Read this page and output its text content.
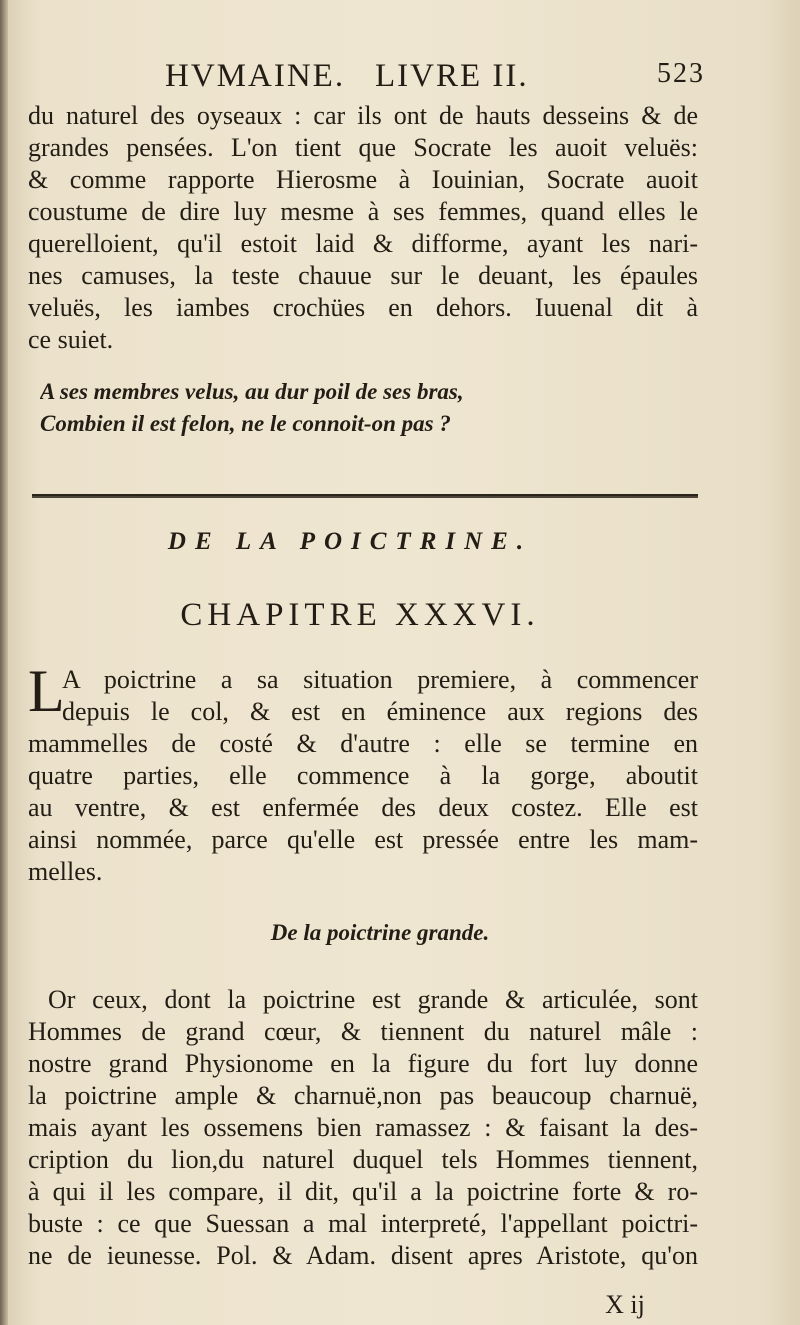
HVMAINE. LIVRE II.	523
du naturel des oyseaux : car ils ont de hauts desseins & de
grandes pensées. L'on tient que Socrate les auoit veluës:
& comme rapporte Hierosme à Iouinian, Socrate auoit
coustume de dire luy mesme à ses femmes, quand elles le
querelloient, qu'il estoit laid & difforme, ayant les nari-
nes camuses, la teste chauue sur le deuant, les épaules
veluës, les iambes crochües en dehors. Iuuenal dit à
ce suiet.
A ses membres velus, au dur poil de ses bras,
Combien il est felon, ne le connoit-on pas ?
DE LA POICTRINE.
CHAPITRE XXXVI.
L
A poictrine a sa situation premiere, à commencer
depuis le col, & est en éminence aux regions des
mammelles de costé & d'autre : elle se termine en
quatre parties, elle commence à la gorge, aboutit
au ventre, & est enfermée des deux costez. Elle est
ainsi nommée, parce qu'elle est pressée entre les mam-
melles.
De la poictrine grande.
Or ceux, dont la poictrine est grande & articulée, sont
Hommes de grand cœur, & tiennent du naturel mâle :
nostre grand Physionome en la figure du fort luy donne
la poictrine ample & charnuë,non pas beaucoup charnuë,
mais ayant les ossemens bien ramassez : & faisant la des-
cription du lion,du naturel duquel tels Hommes tiennent,
à qui il les compare, il dit, qu'il a la poictrine forte & ro-
buste : ce que Suessan a mal interpreté, l'appellant poictri-
ne de ieunesse. Pol. & Adam. disent apres Aristote, qu'on
X ij
